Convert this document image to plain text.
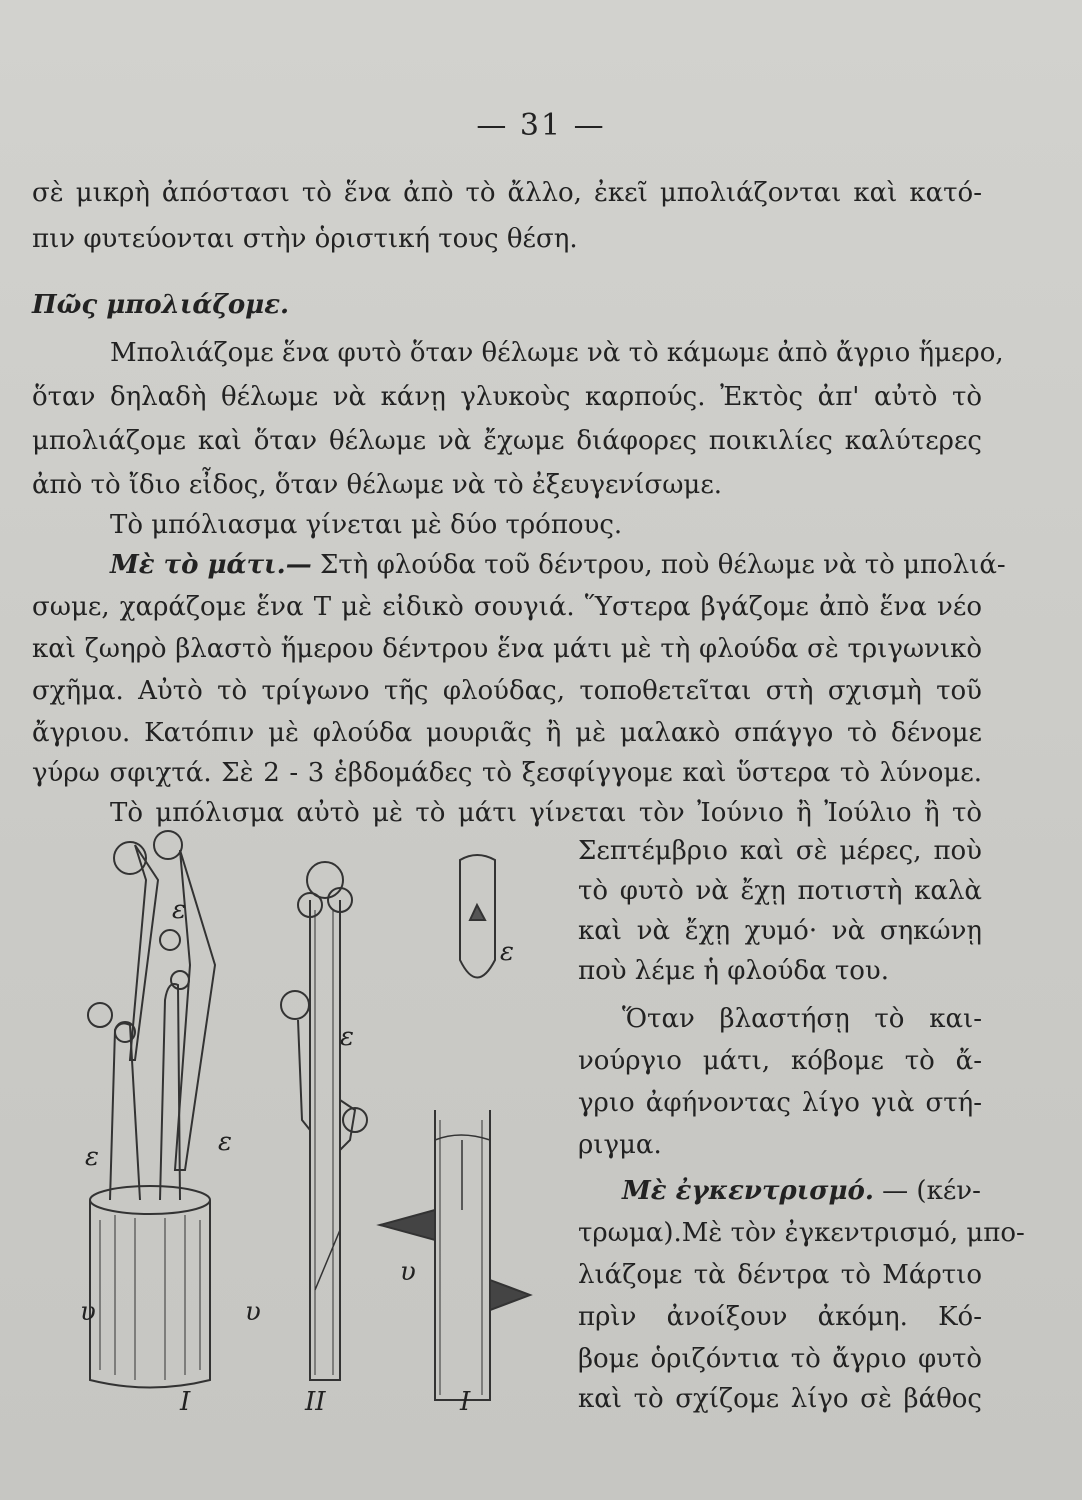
— 31 —
σὲ μικρὴ ἀπόστασι τὸ ἕνα ἀπὸ τὸ ἄλλο, ἐκεῖ μπολιάζονται καὶ κατό-
πιν φυτεύονται στὴν ὁριστική τους θέση.
Πῶς μπολιάζομε.
Μπολιάζομε ἕνα φυτὸ ὅταν θέλωμε νὰ τὸ κάμωμε ἀπὸ ἄγριο ἥμερο,
ὅταν δηλαδὴ θέλωμε νὰ κάνῃ γλυκοὺς καρπούς. Ἐκτὸς ἀπ' αὐτὸ τὸ
μπολιάζομε καὶ ὅταν θέλωμε νὰ ἔχωμε διάφορες ποικιλίες καλύτερες
ἀπὸ τὸ ἴδιο εἶδος, ὅταν θέλωμε νὰ τὸ ἐξευγενίσωμε.
Τὸ μπόλιασμα γίνεται μὲ δύο τρόπους.
Μὲ τὸ μάτι.— Στὴ φλούδα τοῦ δέντρου, ποὺ θέλωμε νὰ τὸ μπολιά-
σωμε, χαράζομε ἕνα Τ μὲ εἰδικὸ σουγιά. Ὕστερα βγάζομε ἀπὸ ἕνα νέο
καὶ ζωηρὸ βλαστὸ ἥμερου δέντρου ἕνα μάτι μὲ τὴ φλούδα σὲ τριγωνικὸ
σχῆμα. Αὐτὸ τὸ τρίγωνο τῆς φλούδας, τοποθετεῖται στὴ σχισμὴ τοῦ
ἄγριου. Κατόπιν μὲ φλούδα μουριᾶς ἢ μὲ μαλακὸ σπάγγο τὸ δένομε
γύρω σφιχτά. Σὲ 2 - 3 ἑβδομάδες τὸ ξεσφίγγομε καὶ ὕστερα τὸ λύνομε.
Τὸ μπόλισμα αὐτὸ μὲ τὸ μάτι γίνεται τὸν Ἰούνιο ἢ Ἰούλιο ἢ τὸ
Σεπτέμβριο καὶ σὲ μέρες, ποὺ
τὸ φυτὸ νὰ ἔχῃ ποτιστὴ καλὰ
καὶ νὰ ἔχῃ χυμό· νὰ σηκώνῃ
ποὺ λέμε ἡ φλούδα του.
Ὅταν βλαστήσῃ τὸ και-
νούργιο μάτι, κόβομε τὸ ἄ-
γριο ἀφήνοντας λίγο γιὰ στή-
ριγμα.
Μὲ ἐγκεντρισμό. — (κέν-
τρωμα).Μὲ τὸν ἐγκεντρισμό, μπο-
λιάζομε τὰ δέντρα τὸ Μάρτιο
πρὶν ἀνοίξουν ἀκόμη. Κό-
βομε ὁριζόντια τὸ ἄγριο φυτὸ
καὶ τὸ σχίζομε λίγο σὲ βάθος
ε
ε	ε
ε
ε
υ	υ
υ
I	II	I
